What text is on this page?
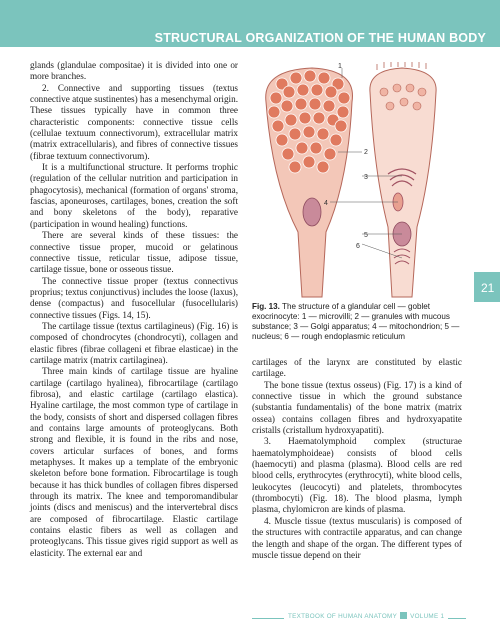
STRUCTURAL ORGANIZATION OF THE HUMAN BODY

glands (glandulae compositae) it is divided into one or more branches.

2. Connective and supporting tissues (textus connective atque sustinentes) has a mesenchymal origin. These tissues typically have in common three characteristic components: connective tissue cells (cellulae textuum connectivorum), extracellular matrix (matrix extracellularis), and fibres of connective tissues (fibrae textuum connectivorum).

It is a multifunctional structure. It performs trophic (regulation of the cellular nutrition and participation in phagocytosis), mechanical (formation of organs' stroma, fascias, aponeuroses, cartilages, bones, creation the soft and bony skeletons of the body), reparative (participation in wound healing) functions.

There are several kinds of these tissues: the connective tissue proper, mucoid or gelatinous connective tissue, reticular tissue, adipose tissue, cartilage tissue, bone or osseous tissue.

The connective tissue proper (textus connectivus proprius; textus conjunctivus) includes the loose (laxus), dense (compactus) and fusocellular (fusocellularis) connective tissues (Figs. 14, 15).

The cartilage tissue (textus cartilagineus) (Fig. 16) is composed of chondrocytes (chondrocyti), collagen and elastic fibres (fibrae collageni et fibrae elasticae) in the cartilage matrix (matrix cartilaginea).

Three main kinds of cartilage tissue are hyaline cartilage (cartilago hyalinea), fibrocartilage (cartilago fibrosa), and elastic cartilage (cartilago elastica). Hyaline cartilage, the most common type of cartilage in the body, consists of short and dispersed collagen fibres and contains large amounts of proteoglycans. Both strong and flexible, it is found in the ribs and nose, covers articular surfaces of bones, and forms metaphyses. It makes up a template of the embryonic skeleton before bone formation. Fibrocartilage is tough because it has thick bundles of collagen fibres dispersed through its matrix. The knee and temporomandibular joints (discs and meniscus) and the intervertebral discs are composed of fibrocartilage. Elastic cartilage contains elastic fibers as well as collagen and proteoglycans. This tissue gives rigid support as well as elasticity. The external ear and

1
2
3
4
5
6
Fig. 13. The structure of a glandular cell — goblet exocrinocyte: 1 — microvilli; 2 — granules with mucous substance; 3 — Golgi apparatus; 4 — mitochondrion; 5 — nucleus; 6 — rough endoplasmic reticulum
21

cartilages of the larynx are constituted by elastic cartilage.

The bone tissue (textus osseus) (Fig. 17) is a kind of connective tissue in which the ground substance (substantia fundamentalis) of the bone matrix (matrix ossea) contains collagen fibres and hydroxyapatite cristalls (cristallum hydroxyapatiti).

3. Haematolymphoid complex (structurae haematolymphoideae) consists of blood cells (haemocyti) and plasma (plasma). Blood cells are red blood cells, erythrocytes (erythrocyti), white blood cells, leukocytes (leucocyti) and platelets, thrombocytes (thrombocyti) (Fig. 18). The blood plasma, lymph plasma, chylomicron are kinds of plasma.

4. Muscle tissue (textus muscularis) is composed of the structures with contractile apparatus, and can change the length and shape of the organ. The different types of muscle tissue depend on their

TEXTBOOK OF HUMAN ANATOMY VOLUME 1
